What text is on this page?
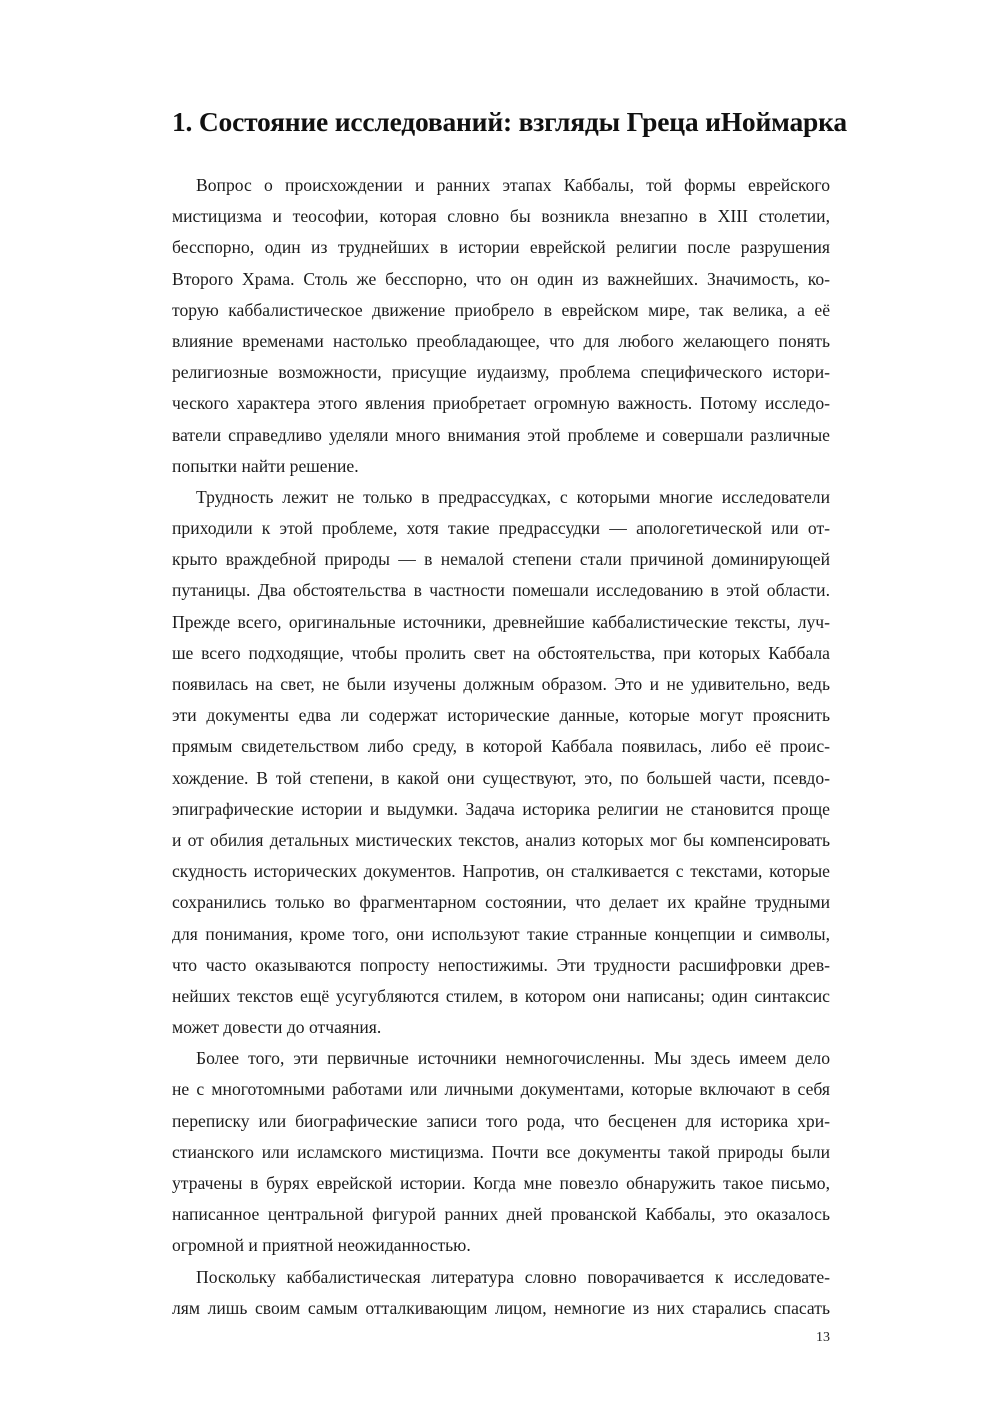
1. Состояние исследований: взгляды Греца иНоймарка
Вопрос о происхождении и ранних этапах Каббалы, той формы еврейского
мистицизма и теософии, которая словно бы возникла внезапно в XIII столетии,
бесспорно, один из труднейших в истории еврейской религии после разрушения
Второго Храма. Столь же бесспорно, что он один из важнейших. Значимость, ко-
торую каббалистическое движение приобрело в еврейском мире, так велика, а её
влияние временами настолько преобладающее, что для любого желающего понять
религиозные возможности, присущие иудаизму, проблема специфического истори-
ческого характера этого явления приобретает огромную важность. Потому исследо-
ватели справедливо уделяли много внимания этой проблеме и совершали различные
попытки найти решение.
Трудность лежит не только в предрассудках, с которыми многие исследователи
приходили к этой проблеме, хотя такие предрассудки — апологетической или от-
крыто враждебной природы — в немалой степени стали причиной доминирующей
путаницы. Два обстоятельства в частности помешали исследованию в этой области.
Прежде всего, оригинальные источники, древнейшие каббалистические тексты, луч-
ше всего подходящие, чтобы пролить свет на обстоятельства, при которых Каббала
появилась на свет, не были изучены должным образом. Это и не удивительно, ведь
эти документы едва ли содержат исторические данные, которые могут прояснить
прямым свидетельством либо среду, в которой Каббала появилась, либо её проис-
хождение. В той степени, в какой они существуют, это, по большей части, псевдо-
эпиграфические истории и выдумки. Задача историка религии не становится проще
и от обилия детальных мистических текстов, анализ которых мог бы компенсировать
скудность исторических документов. Напротив, он сталкивается с текстами, которые
сохранились только во фрагментарном состоянии, что делает их крайне трудными
для понимания, кроме того, они используют такие странные концепции и символы,
что часто оказываются попросту непостижимы. Эти трудности расшифровки древ-
нейших текстов ещё усугубляются стилем, в котором они написаны; один синтаксис
может довести до отчаяния.
Более того, эти первичные источники немногочисленны. Мы здесь имеем дело
не с многотомными работами или личными документами, которые включают в себя
переписку или биографические записи того рода, что бесценен для историка хри-
стианского или исламского мистицизма. Почти все документы такой природы были
утрачены в бурях еврейской истории. Когда мне повезло обнаружить такое письмо,
написанное центральной фигурой ранних дней прованской Каббалы, это оказалось
огромной и приятной неожиданностью.
Поскольку каббалистическая литература словно поворачивается к исследовате-
лям лишь своим самым отталкивающим лицом, немногие из них старались спасать
13
